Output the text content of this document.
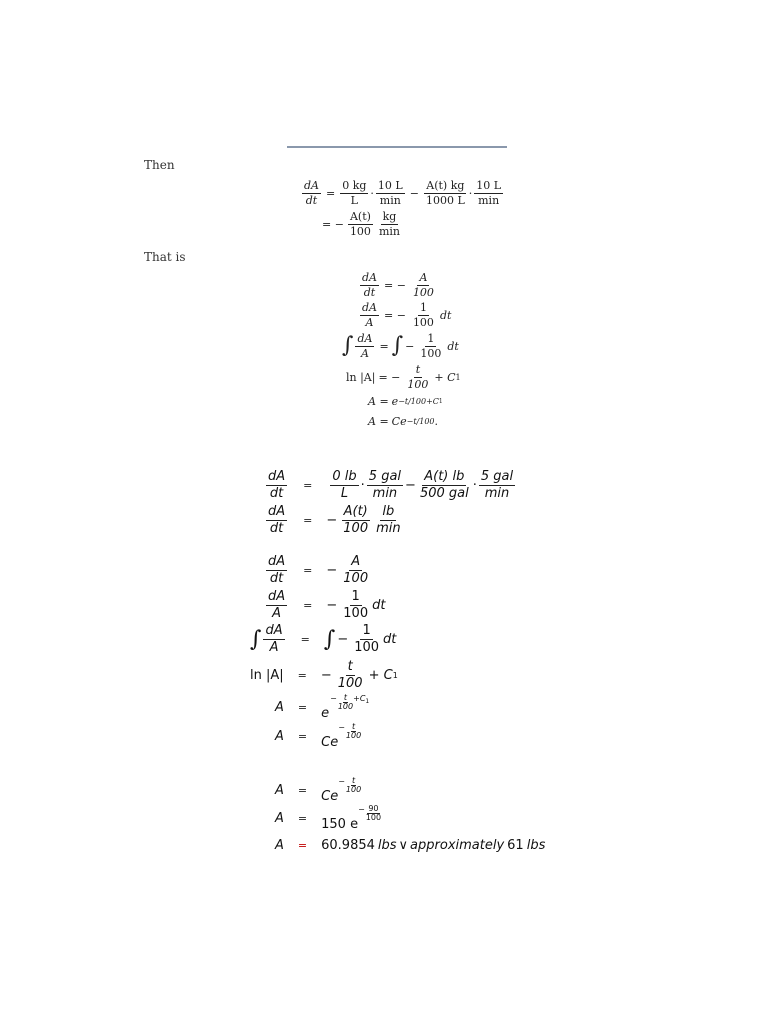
Then
$\frac{dA}{dt} = \frac{0 kg}{L} \cdot \frac{10 L}{\min} - \frac{A(t) kg}{1000 L} \cdot \frac{10 L}{\min}$
= − $\frac{A(t)}{100} \frac{kg}{\min}$
That is
$\frac{dA}{dt}$ = − $\frac{A}{100}$
$\frac{dA}{A}$ = − $\frac{1}{100}$ dt
∫ $\frac{dA}{A}$ = ∫ − $\frac{1}{100}$ dt
ln |A| = − $\frac{t}{100} + C$ 1
A = e −t/100+C 1
A = Ce −t/100 .
$\frac{dA}{dt} = \frac{0 lb}{L} \cdot \frac{\text{5 gal}}{\min} - \frac{A(t) lb}{\text{500 gal}} \cdot \frac{\text{5 gal}}{\min}$
$\frac{dA}{dt}$ = − $\frac{A(t)}{100} \frac{lb}{\min}$
$\frac{dA}{dt}$ = − $\frac{A}{100}$
$\frac{dA}{A}$ = − $\frac{1}{100}$ dt
∫ $\frac{dA}{A}$ = ∫ − $\frac{1}{100}$ dt
ln |A| = − $\frac{t}{100} + C$ 1
A = e
− $\frac{t}{100} +C$ 1
A = Ce
− $\frac{t}{100}$
A = Ce
− $\frac{t}{100}$
A = 150 e
− $\frac{90}{100}$
A = 60.9854 lbs ∨ approximately 61 lbs
